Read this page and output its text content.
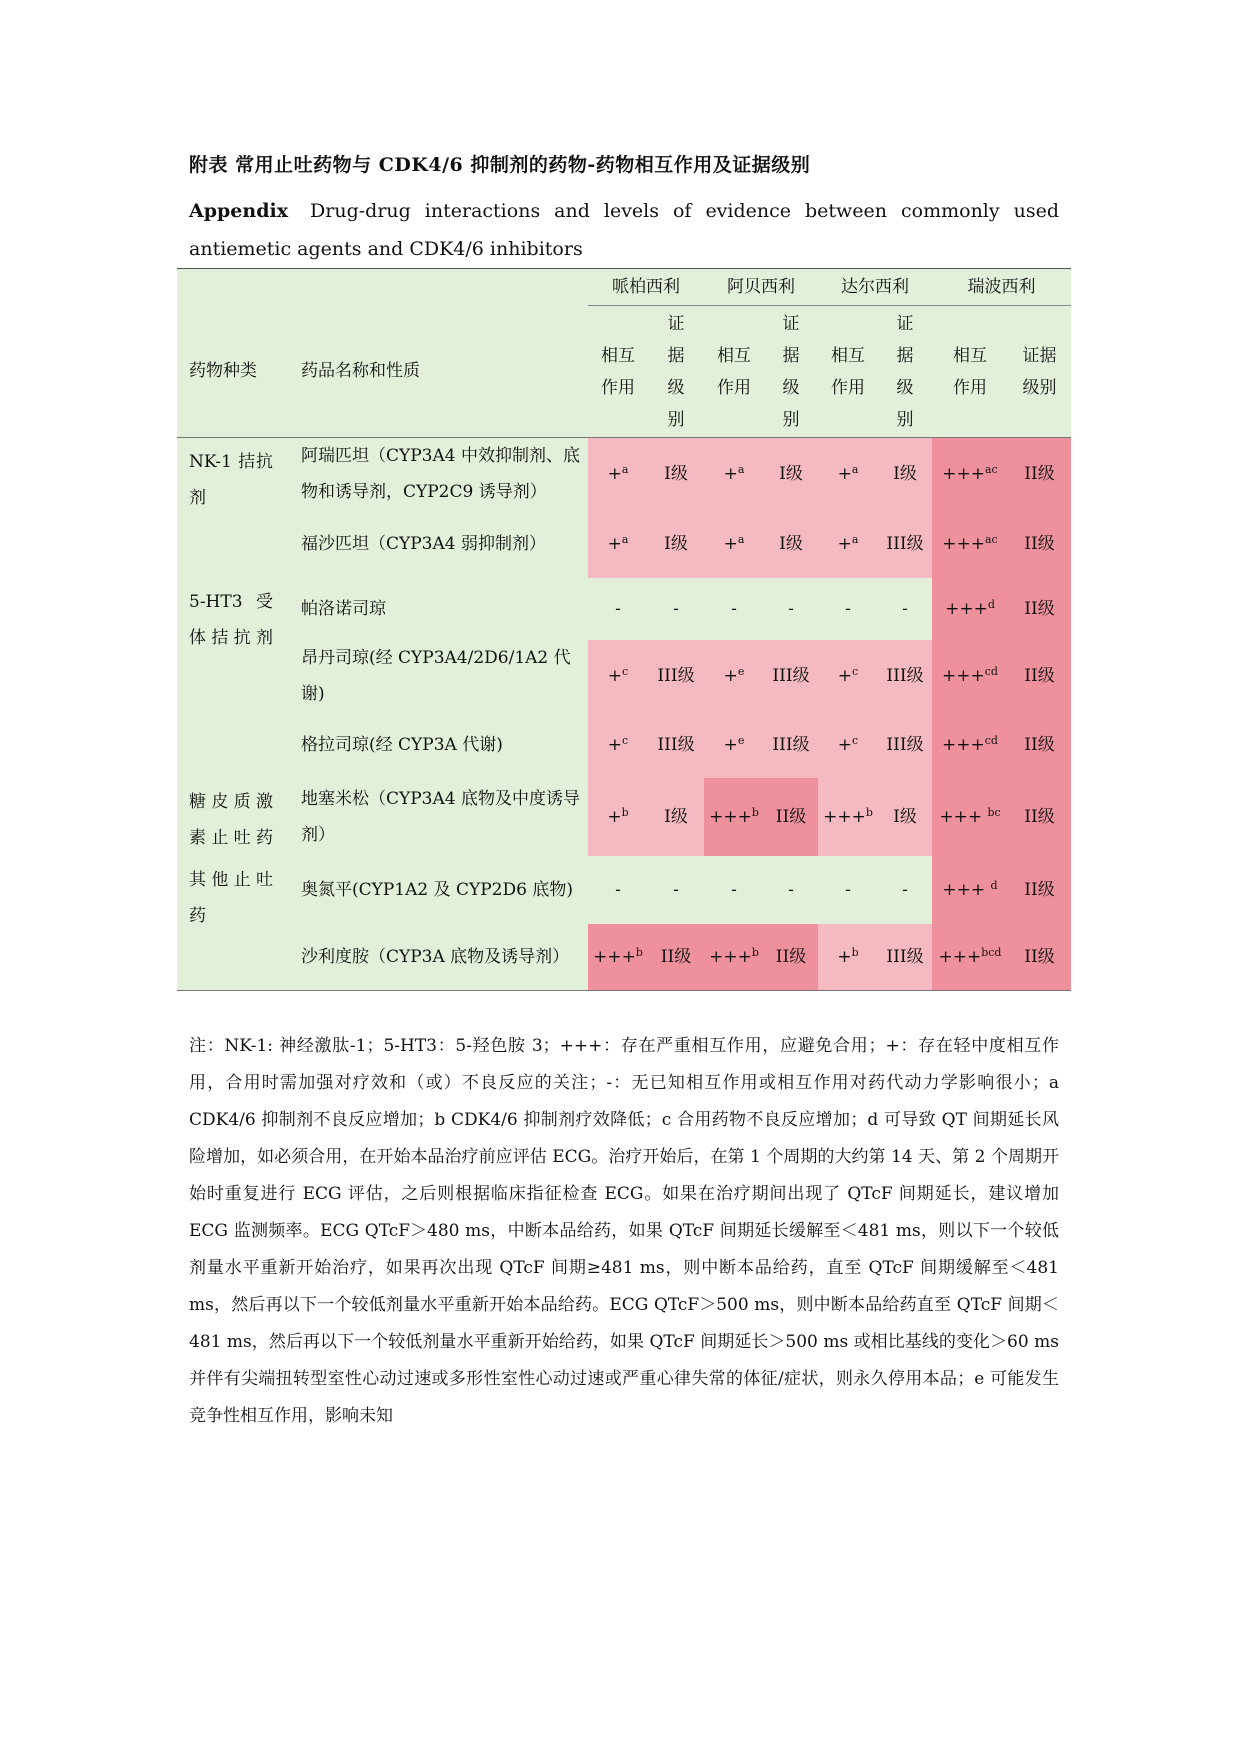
附表 常用止吐药物与 CDK4/6 抑制剂的药物-药物相互作用及证据级别
Appendix Drug-drug interactions and levels of evidence between commonly used antiemetic agents and CDK4/6 inhibitors
		哌柏西利		阿贝西利		达尔西利		瑞波西利	
药物种类	药品名称和性质	相互作用	证据级别	相互作用	证据级别	相互作用	证据级别	相互作用	证据级别

NK-1 拮抗剂	阿瑞匹坦（CYP3A4 中效抑制剂、底物和诱导剂，CYP2C9 诱导剂）	+$^a$	I级	+$^a$	I级	+$^a$	I级	+++$^{ac}$	II级
	福沙匹坦（CYP3A4 弱抑制剂）	+$^a$	I级	+$^a$	I级	+$^a$	III级	+++$^{ac}$	II级
5-HT3 受体拮抗剂	帕洛诺司琼	-	-	-	-	-	-	+++$^d$	II级
	昂丹司琼(经 CYP3A4/2D6/1A2 代谢)	+$^c$	III级	+$^e$	III级	+$^c$	III级	+++$^{cd}$	II级
	格拉司琼(经 CYP3A 代谢)	+$^c$	III级	+$^e$	III级	+$^c$	III级	+++$^{cd}$	II级
糖皮质激素止吐药	地塞米松（CYP3A4 底物及中度诱导剂）	+$^b$	I级	+++$^b$	II级	+++$^b$	I级	+++ $^{bc}$	II级
其他止吐药	奥氮平(CYP1A2 及 CYP2D6 底物)	-	-	-	-	-	-	+++ $^d$	II级
	沙利度胺（CYP3A 底物及诱导剂）	+++$^b$	II级	+++$^b$	II级	+$^b$	III级	+++$^{bcd}$	II级
注：NK-1: 神经激肽-1；5-HT3：5-羟色胺 3；+++：存在严重相互作用，应避免合用；+：存在轻中度相互作用，合用时需加强对疗效和（或）不良反应的关注；-：无已知相互作用或相互作用对药代动力学影响很小；a CDK4/6 抑制剂不良反应增加；b CDK4/6 抑制剂疗效降低；c 合用药物不良反应增加；d 可导致 QT 间期延长风险增加，如必须合用，在开始本品治疗前应评估 ECG。治疗开始后，在第 1 个周期的大约第 14 天、第 2 个周期开始时重复进行 ECG 评估，之后则根据临床指征检查 ECG。如果在治疗期间出现了 QTcF 间期延长，建议增加 ECG 监测频率。ECG QTcF＞480 ms，中断本品给药，如果 QTcF 间期延长缓解至＜481 ms，则以下一个较低剂量水平重新开始治疗，如果再次出现 QTcF 间期≥481 ms，则中断本品给药，直至 QTcF 间期缓解至＜481 ms，然后再以下一个较低剂量水平重新开始本品给药。ECG QTcF＞500 ms，则中断本品给药直至 QTcF 间期＜481 ms，然后再以下一个较低剂量水平重新开始给药，如果 QTcF 间期延长＞500 ms 或相比基线的变化＞60 ms 并伴有尖端扭转型室性心动过速或多形性室性心动过速或严重心律失常的体征/症状，则永久停用本品；e 可能发生竞争性相互作用，影响未知
